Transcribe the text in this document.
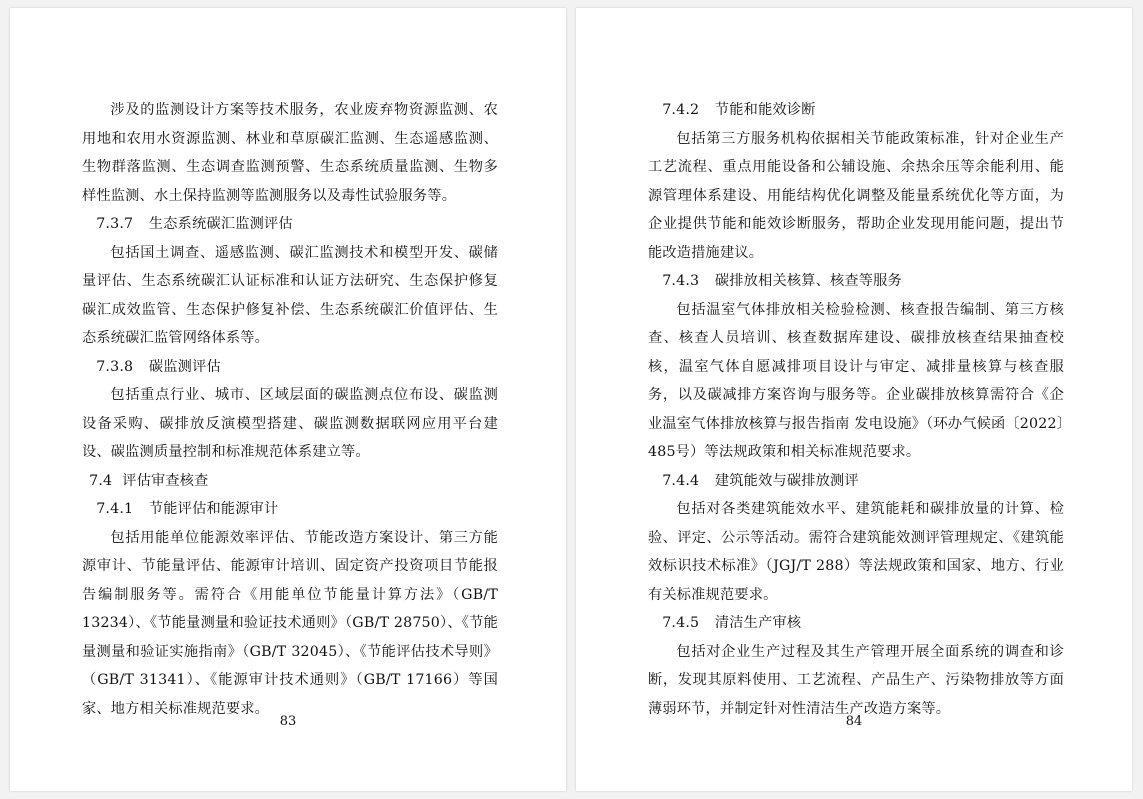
涉及的监测设计方案等技术服务，农业废弃物资源监测、农用地和农用水资源监测、林业和草原碳汇监测、生态遥感监测、生物群落监测、生态调查监测预警、生态系统质量监测、生物多样性监测、水土保持监测等监测服务以及毒性试验服务等。

7.3.7 生态系统碳汇监测评估

包括国土调查、遥感监测、碳汇监测技术和模型开发、碳储量评估、生态系统碳汇认证标准和认证方法研究、生态保护修复碳汇成效监管、生态保护修复补偿、生态系统碳汇价值评估、生态系统碳汇监管网络体系等。

7.3.8 碳监测评估

包括重点行业、城市、区域层面的碳监测点位布设、碳监测设备采购、碳排放反演模型搭建、碳监测数据联网应用平台建设、碳监测质量控制和标准规范体系建立等。

7.4 评估审查核查

7.4.1 节能评估和能源审计

包括用能单位能源效率评估、节能改造方案设计、第三方能源审计、节能量评估、能源审计培训、固定资产投资项目节能报告编制服务等。需符合《用能单位节能量计算方法》（GB/T 13234）、《节能量测量和验证技术通则》（GB/T 28750）、《节能量测量和验证实施指南》（GB/T 32045）、《节能评估技术导则》（GB/T 31341）、《能源审计技术通则》（GB/T 17166）等国家、地方相关标准规范要求。

83

7.4.2 节能和能效诊断

包括第三方服务机构依据相关节能政策标准，针对企业生产工艺流程、重点用能设备和公辅设施、余热余压等余能利用、能源管理体系建设、用能结构优化调整及能量系统优化等方面，为企业提供节能和能效诊断服务，帮助企业发现用能问题，提出节能改造措施建议。

7.4.3 碳排放相关核算、核查等服务

包括温室气体排放相关检验检测、核查报告编制、第三方核查、核查人员培训、核查数据库建设、碳排放核查结果抽查校核，温室气体自愿减排项目设计与审定、减排量核算与核查服务，以及碳减排方案咨询与服务等。企业碳排放核算需符合《企业温室气体排放核算与报告指南 发电设施》（环办气候函〔2022〕485号）等法规政策和相关标准规范要求。

7.4.4 建筑能效与碳排放测评

包括对各类建筑能效水平、建筑能耗和碳排放量的计算、检验、评定、公示等活动。需符合建筑能效测评管理规定、《建筑能效标识技术标准》（JGJ/T 288）等法规政策和国家、地方、行业有关标准规范要求。

7.4.5 清洁生产审核

包括对企业生产过程及其生产管理开展全面系统的调查和诊断，发现其原料使用、工艺流程、产品生产、污染物排放等方面薄弱环节，并制定针对性清洁生产改造方案等。

84
